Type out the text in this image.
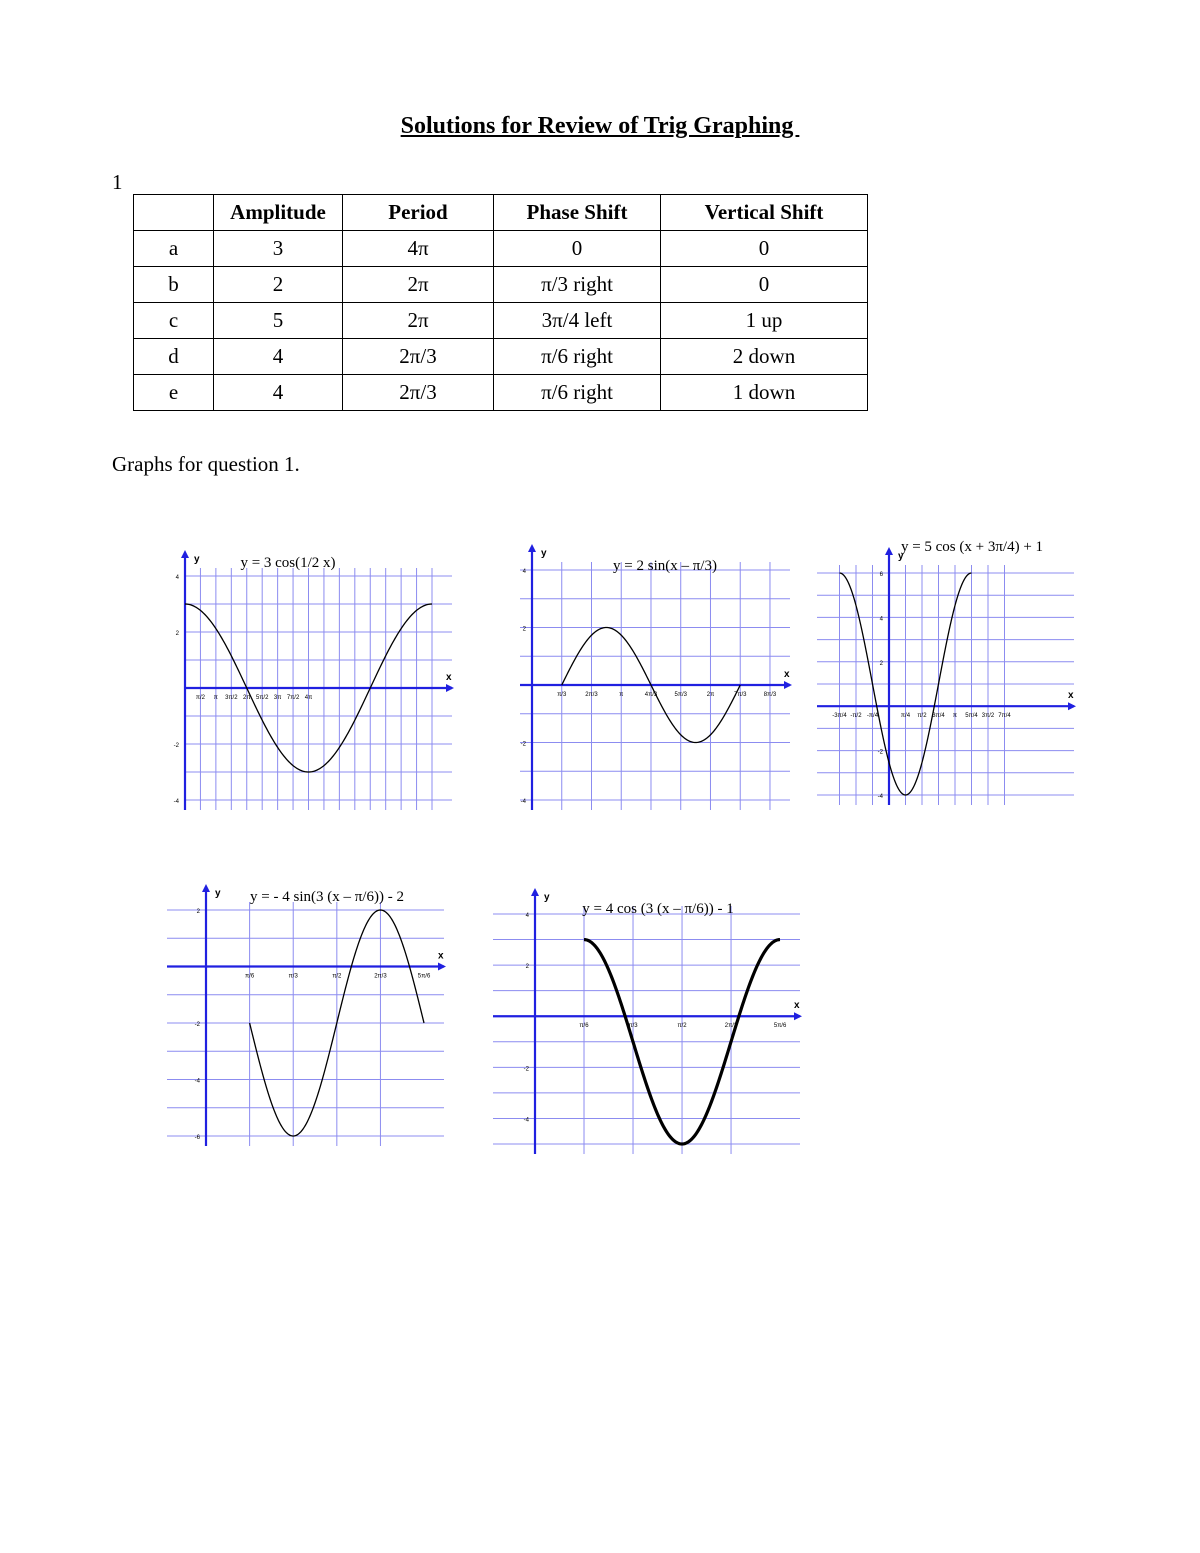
Solutions for Review of Trig Graphing
1
	Amplitude	Period	Phase Shift	Vertical Shift
a	3	4π	0	0
b	2	2π	π/3 right	0
c	5	2π	3π/4 left	1 up
d	4	2π/3	π/6 right	2 down
e	4	2π/3	π/6 right	1 down
Graphs for question 1.
x
y
4
2
-2
-4
π/2 π 3π/2 2π 5π/2 3π 7π/2 4π
y = 3 cos(1/2 x)
x
y
4
2
-2
-4
π/3	2π/3	π	4π/3	5π/3	2π	7π/3	8π/3
y = 2 sin(x – π/3)
x
y
6
4
2
-2
-4
-3π/4 -π/2 -π/4	π/4 π/2 3π/4 π 5π/4 3π/2 7π/4
y = 5 cos (x + 3π/4) + 1
x
y
2
-2
-4
-6
π/6	π/3	π/2	2π/3	5π/6
y = - 4 sin(3 (x – π/6)) - 2
x
y
4
2
-2
-4
π/6	π/3	π/2	2π/3	5π/6
y = 4 cos (3 (x – π/6)) - 1
